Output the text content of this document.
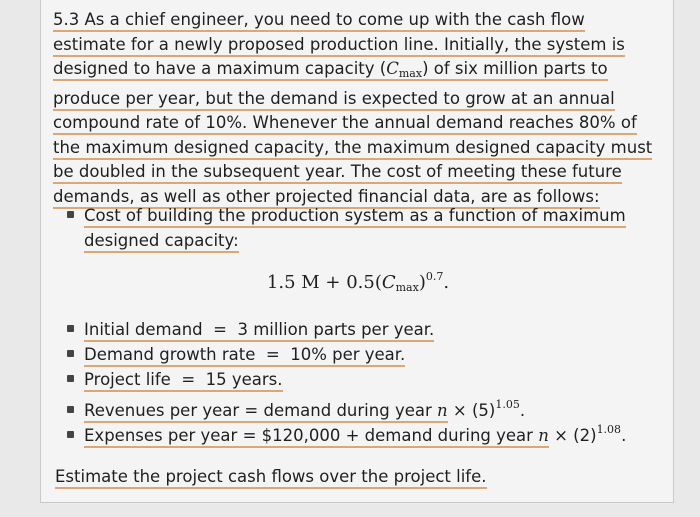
5.3 As a chief engineer, you need to come up with the cash flow
estimate for a newly proposed production line. Initially, the system is
designed to have a maximum capacity $(C_{max})$ of six million parts to
produce per year, but the demand is expected to grow at an annual
compound rate of 10%. Whenever the annual demand reaches 80% of
the maximum designed capacity, the maximum designed capacity must
be doubled in the subsequent year. The cost of meeting these future
demands, as well as other projected financial data, are as follows:
Cost of building the production system as a function of maximum
designed capacity:
1.5 $M + 0.5(C_{max})^{0.7}$.
Initial demand  =  3 million parts per year.
Demand growth rate  =  10% per year.
Project life  =  15 years.
Revenues per year = demand during year $n \times (5)^{1.05}$.
Expenses per year = $120,000 + demand during year $n \times (2)^{1.08}$.
Estimate the project cash flows over the project life.
